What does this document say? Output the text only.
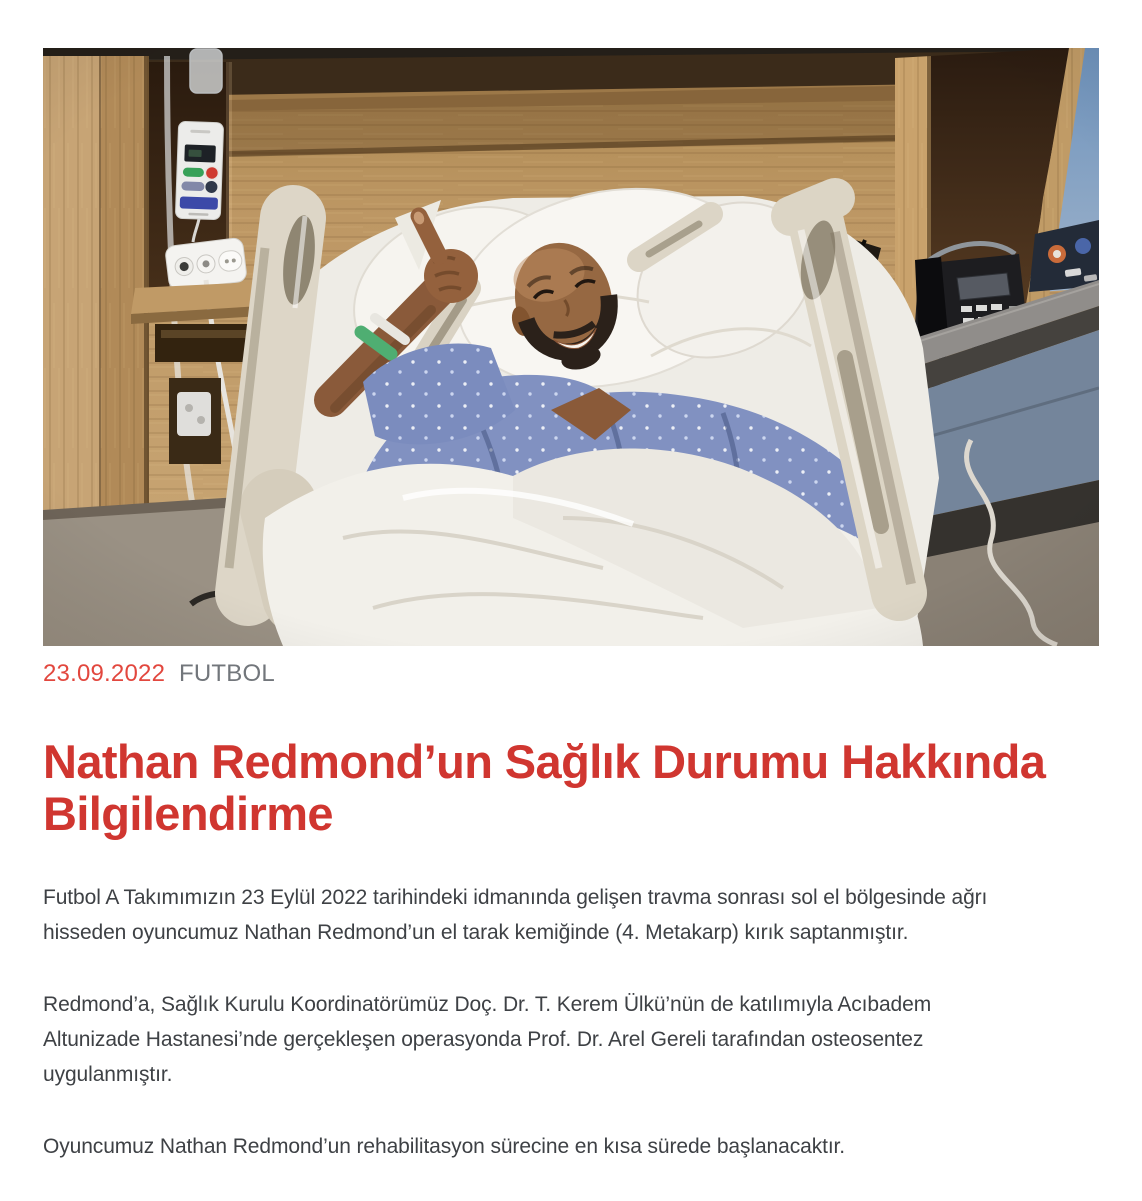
23.09.2022 FUTBOL
Nathan Redmond’un Sağlık Durumu Hakkında Bilgilendirme

Futbol A Takımımızın 23 Eylül 2022 tarihindeki idmanında gelişen travma sonrası sol el bölgesinde ağrı hisseden oyuncumuz Nathan Redmond’un el tarak kemiğinde (4. Metakarp) kırık saptanmıştır.

Redmond’a, Sağlık Kurulu Koordinatörümüz Doç. Dr. T. Kerem Ülkü’nün de katılımıyla Acıbadem Altunizade Hastanesi’nde gerçekleşen operasyonda Prof. Dr. Arel Gereli tarafından osteosentez uygulanmıştır.

Oyuncumuz Nathan Redmond’un rehabilitasyon sürecine en kısa sürede başlanacaktır.
